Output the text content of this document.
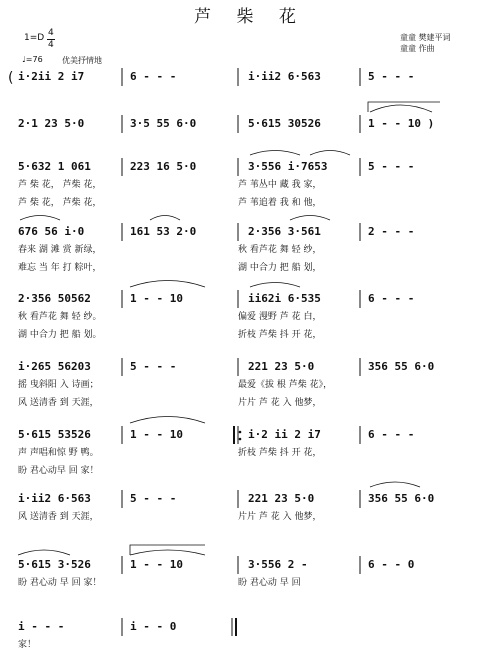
芦 柴 花
童童 樊建平词
童童 作曲
1=D 4
4
♩=76 优美抒情地
( i·2ii 2 i7	6 - - -	i·ii2 6·563	5 - - -
2·1 23 5·0	3·5 55 6·0	5·615 30526	1 - - 10 )
5·632 1 061	223 16 5·0	3·556 i·7653	5 - - -
676 56 i·0	161 53 2·0	2·356 3·561	2 - - -
2·356 50562	1 - - 10	ii62i 6·535	6 - - -
i·265 56203	5 - - -	221 23 5·0	356 55 6·0
5·615 53526	1 - - 10	i·2 ii 2 i7	6 - - -
i·ii2 6·563	5 - - -	221 23 5·0	356 55 6·0
5·615 3·526	1 - - 10	3·556 2 -	6 - - 0
i - - -	i - - 0
芦 柴 花， 芦柴 花，	芦 苇丛中 藏 我 家，
芦 柴 花， 芦柴 花，	芦 苇追着 我 和 他，
春来 湖 滩 赏 新绿，	秋 看芦花 舞 轻 纱，
难忘 当 年 打 粽叶，	湖 中合力 把 船 划，
秋 看芦花 舞 轻 纱。	偏爱 漫野 芦 花 白，
湖 中合力 把 船 划。	折枝 芦柴 抖 开 花，
摇 曳斜阳 入 诗画；	最爱《拔 根 芦柴 花》，
风 送清香 到 天涯，	片片 芦 花 入 他梦，
声 声唱和惊 野 鸭。	折枝 芦柴 抖 开 花，
盼 君心动早 回 家！
风 送清香 到 天涯，	片片 芦 花 入 他梦，
盼 君心动 早 回 家！	盼 君心动 早 回
家！
